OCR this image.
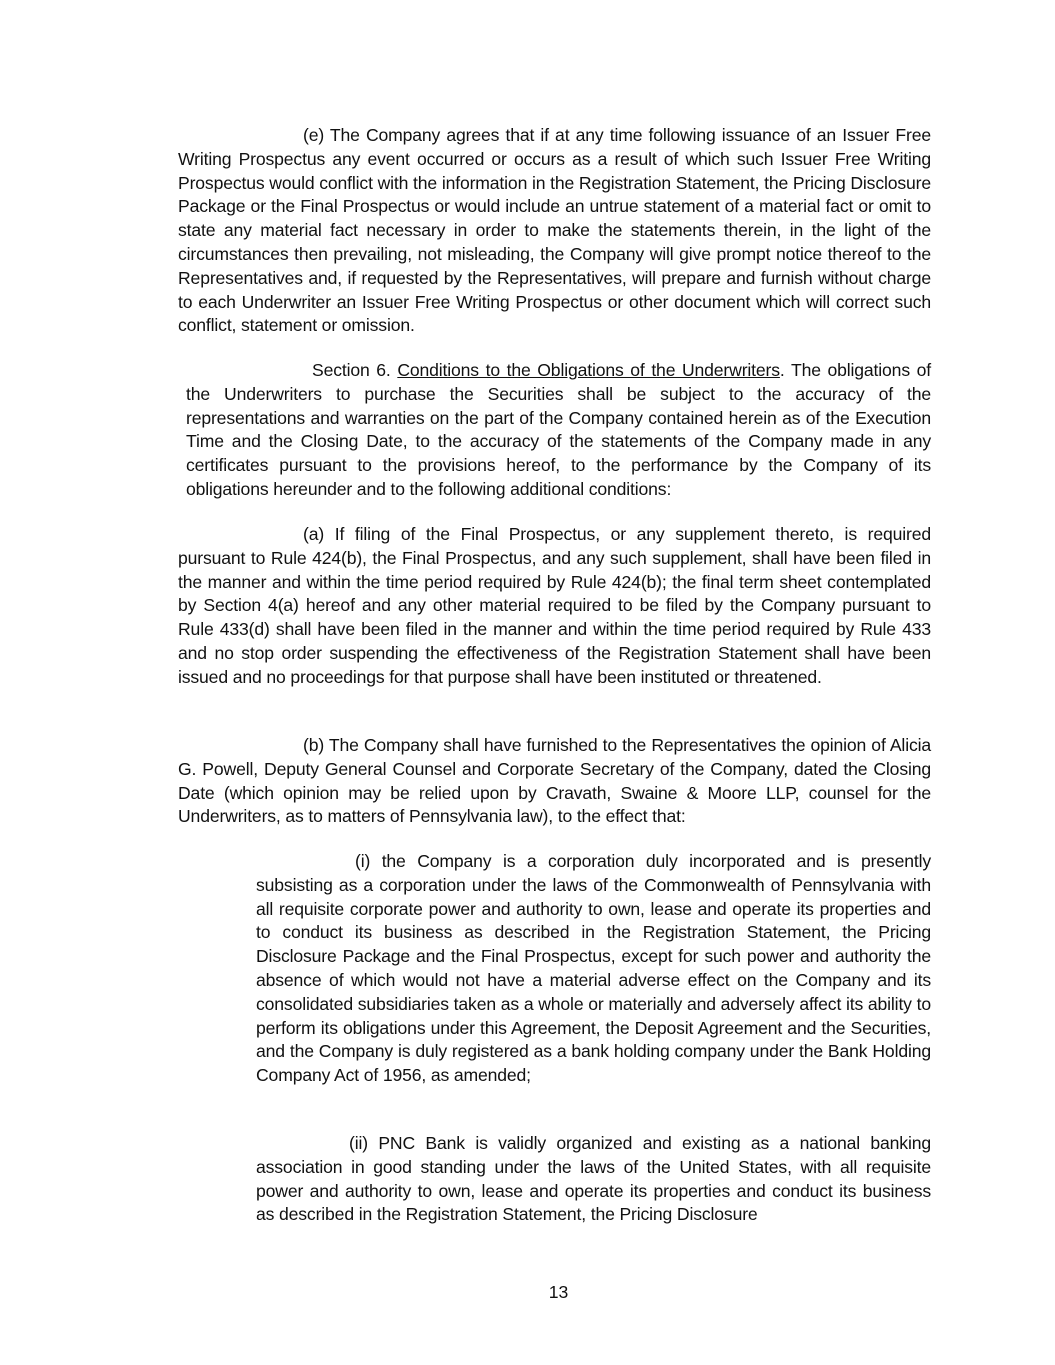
(e) The Company agrees that if at any time following issuance of an Issuer Free Writing Prospectus any event occurred or occurs as a result of which such Issuer Free Writing Prospectus would conflict with the information in the Registration Statement, the Pricing Disclosure Package or the Final Prospectus or would include an untrue statement of a material fact or omit to state any material fact necessary in order to make the statements therein, in the light of the circumstances then prevailing, not misleading, the Company will give prompt notice thereof to the Representatives and, if requested by the Representatives, will prepare and furnish without charge to each Underwriter an Issuer Free Writing Prospectus or other document which will correct such conflict, statement or omission.

Section 6. Conditions to the Obligations of the Underwriters. The obligations of the Underwriters to purchase the Securities shall be subject to the accuracy of the representations and warranties on the part of the Company contained herein as of the Execution Time and the Closing Date, to the accuracy of the statements of the Company made in any certificates pursuant to the provisions hereof, to the performance by the Company of its obligations hereunder and to the following additional conditions:

(a) If filing of the Final Prospectus, or any supplement thereto, is required pursuant to Rule 424(b), the Final Prospectus, and any such supplement, shall have been filed in the manner and within the time period required by Rule 424(b); the final term sheet contemplated by Section 4(a) hereof and any other material required to be filed by the Company pursuant to Rule 433(d) shall have been filed in the manner and within the time period required by Rule 433 and no stop order suspending the effectiveness of the Registration Statement shall have been issued and no proceedings for that purpose shall have been instituted or threatened.

(b) The Company shall have furnished to the Representatives the opinion of Alicia G. Powell, Deputy General Counsel and Corporate Secretary of the Company, dated the Closing Date (which opinion may be relied upon by Cravath, Swaine & Moore LLP, counsel for the Underwriters, as to matters of Pennsylvania law), to the effect that:

(i) the Company is a corporation duly incorporated and is presently subsisting as a corporation under the laws of the Commonwealth of Pennsylvania with all requisite corporate power and authority to own, lease and operate its properties and to conduct its business as described in the Registration Statement, the Pricing Disclosure Package and the Final Prospectus, except for such power and authority the absence of which would not have a material adverse effect on the Company and its consolidated subsidiaries taken as a whole or materially and adversely affect its ability to perform its obligations under this Agreement, the Deposit Agreement and the Securities, and the Company is duly registered as a bank holding company under the Bank Holding Company Act of 1956, as amended;

(ii) PNC Bank is validly organized and existing as a national banking association in good standing under the laws of the United States, with all requisite power and authority to own, lease and operate its properties and conduct its business as described in the Registration Statement, the Pricing Disclosure

13
